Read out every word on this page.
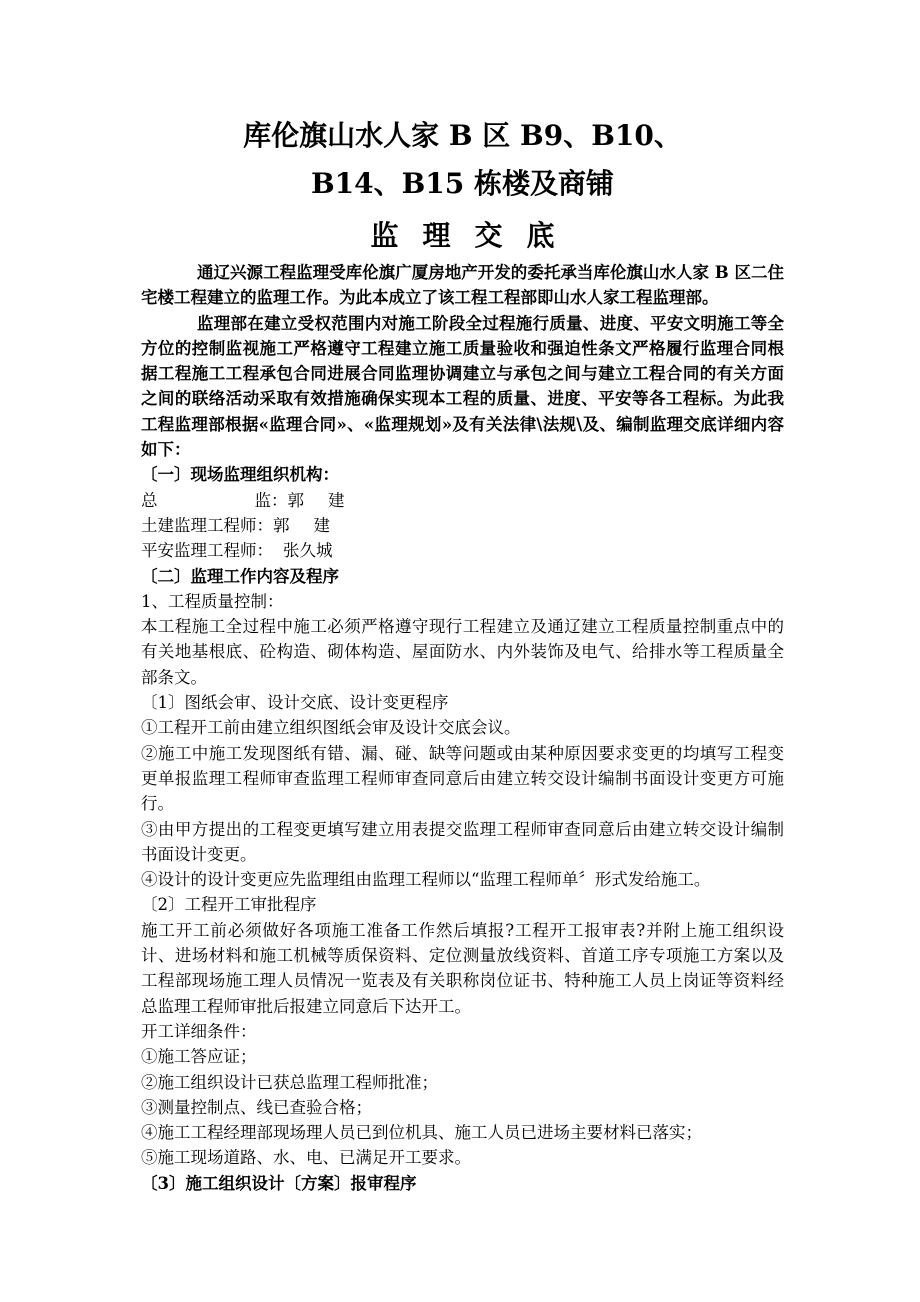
库伦旗山水人家 B 区 B9、B10、
B14、B15 栋楼及商铺
监 理 交 底

通辽兴源工程监理受库伦旗广厦房地产开发的委托承当库伦旗山水人家 B 区二住宅楼工程建立的监理工作。为此本成立了该工程工程部即山水人家工程监理部。

监理部在建立受权范围内对施工阶段全过程施行质量、进度、平安文明施工等全方位的控制监视施工严格遵守工程建立施工质量验收和强迫性条文严格履行监理合同根据工程施工工程承包合同进展合同监理协调建立与承包之间与建立工程合同的有关方面之间的联络活动采取有效措施确保实现本工程的质量、进度、平安等各工程标。为此我工程监理部根据«监理合同»、«监理规划»及有关法律\法规\及、编制监理交底详细内容如下：

〔一〕现场监理组织机构：

总监 ： 郭 建
土建监理工程师 ： 郭 建
平安监理工程师 ： 张久城

〔二〕监理工作内容及程序

1、工程质量控制：

本工程施工全过程中施工必须严格遵守现行工程建立及通辽建立工程质量控制重点中的有关地基根底、砼构造、砌体构造、屋面防水、内外装饰及电气、给排水等工程质量全部条文。

〔1〕图纸会审、设计交底、设计变更程序

①工程开工前由建立组织图纸会审及设计交底会议。

②施工中施工发现图纸有错、漏、碰、缺等问题或由某种原因要求变更的均填写工程变更单报监理工程师审查监理工程师审查同意后由建立转交设计编制书面设计变更方可施行。

③由甲方提出的工程变更填写建立用表提交监理工程师审查同意后由建立转交设计编制书面设计变更。

④设计的设计变更应先监理组由监理工程师以“监理工程师单〞形式发给施工。

〔2〕工程开工审批程序

施工开工前必须做好各项施工准备工作然后填报?工程开工报审表?并附上施工组织设计、进场材料和施工机械等质保资料、定位测量放线资料、首道工序专项施工方案以及工程部现场施工理人员情况一览表及有关职称岗位证书、特种施工人员上岗证等资料经总监理工程师审批后报建立同意后下达开工。

开工详细条件：

①施工答应证；

②施工组织设计已获总监理工程师批准；

③测量控制点、线已查验合格；

④施工工程经理部现场理人员已到位机具、施工人员已进场主要材料已落实；

⑤施工现场道路、水、电、已满足开工要求。

〔3〕施工组织设计〔方案〕报审程序
